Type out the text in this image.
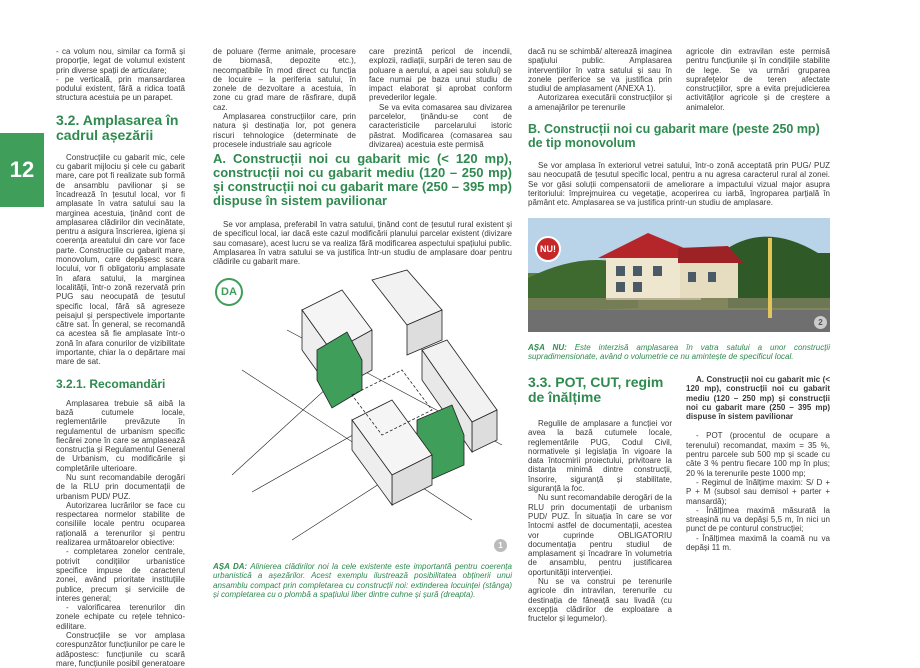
12

- ca volum nou, similar ca formă și proporție, legat de volumul existent prin diverse spații de articulare;

- pe verticală, prin mansardarea podului existent, fără a ridica toată structura acestuia pe un parapet.

3.2. Amplasarea în cadrul așezării

Construcțiile cu gabarit mic, cele cu gabarit mijlociu și cele cu gabarit mare, care pot fi realizate sub formă de ansamblu pavilionar și se încadrează în țesutul local, vor fi amplasate în vatra satului sau la marginea acestuia, ținând cont de amplasarea clădirilor din vecinătate, pentru a asigura înscrierea, igiena și coerența areatului din care vor face parte. Construcțiile cu gabarit mare, monovolum, care depășesc scara locului, vor fi obligatoriu amplasate în afara satului, la marginea localității, într-o zonă rezervată prin PUG sau neocupată de țesutul specific local, fără să agreseze peisajul și perspectivele importante către sat. În general, se recomandă ca acestea să fie amplasate într-o zonă în afara conurilor de vizibilitate importante, chiar la o depărtare mai mare de sat.

3.2.1. Recomandări

Amplasarea trebuie să aibă la bază cutumele locale, reglementările prevăzute în regulamentul de urbanism specific fiecărei zone în care se amplasează construcția și Regulamentul General de Urbanism, cu modificările și completările ulterioare.

Nu sunt recomandabile derogări de la RLU prin documentații de urbanism PUD/ PUZ.

Autorizarea lucrărilor se face cu respectarea normelor stabilite de consiliile locale pentru ocuparea rațională a terenurilor și pentru realizarea următoarelor obiective:

- completarea zonelor centrale, potrivit condițiilor urbanistice specifice impuse de caracterul zonei, având prioritate instituțiile publice, precum și serviciile de interes general;

- valorificarea terenurilor din zonele echipate cu rețele tehnico-edilitare.

Construcțiile se vor amplasa corespunzător funcțiunilor pe care le adăpostesc: funcțiunile cu scară mare, funcțiunile posibil generatoare

de poluare (ferme animale, procesare de biomasă, depozite etc.), necompatibile în mod direct cu funcția de locuire – la periferia satului, în zonele de dezvoltare a acestuia, în zone cu grad mare de răsfirare, după caz.

Amplasarea construcțiilor care, prin natura și destinația lor, pot genera riscuri tehnologice (determinate de procesele industriale sau agricole

care prezintă pericol de incendii, explozii, radiații, surpări de teren sau de poluare a aerului, a apei sau solului) se face numai pe baza unui studiu de impact elaborat și aprobat conform prevederilor legale.

Se va evita comasarea sau divizarea parcelelor, ținându-se cont de caracteristicile parcelarului istoric păstrat. Modificarea (comasarea sau divizarea) acestuia este permisă

A. Construcții noi cu gabarit mic (< 120 mp), construcții noi cu gabarit mediu (120 – 250 mp) și construcții noi cu gabarit mare (250 – 395 mp) dispuse în sistem pavilionar

Se vor amplasa, preferabil în vatra satului, ținând cont de țesutul rural existent și de specificul local, iar dacă este cazul modificării planului parcelar existent (divizare sau comasare), acest lucru se va realiza fără modificarea aspectului spațiului public. Amplasarea în vatra satului se va justifica într-un studiu de amplasare doar pentru clădirile cu gabarit mare.

DA
1
AȘA DA: Alinierea clădirilor noi la cele existente este importantă pentru coerența urbanistică a așezărilor. Acest exemplu ilustrează posibilitatea obținerii unui ansamblu compact prin completarea cu construcții noi: extinderea locuinței (stânga) și completarea cu o plombă a spațiului liber dintre cuhne și șură (dreapta).

dacă nu se schimbă/ alterează imaginea spațiului public. Amplasarea intervențiilor în vatra satului și sau în zonele periferice se va justifica prin studiul de amplasament (ANEXA 1).

Autorizarea executării construcțiilor și a amenajărilor pe terenurile

agricole din extravilan este permisă pentru funcțiunile și în condițiile stabilite de lege. Se va urmări gruparea suprafețelor de teren afectate construcțiilor, spre a evita prejudicierea activităților agricole și de creștere a animalelor.

B. Construcții noi cu gabarit mare (peste 250 mp) de tip monovolum

Se vor amplasa în exteriorul vetrei satului, într-o zonă acceptată prin PUG/ PUZ sau neocupată de țesutul specific local, pentru a nu agresa caracterul rural al zonei. Se vor găsi soluții compensatorii de ameliorare a impactului vizual major asupra teritoriului: împrejmuirea cu vegetație, acoperirea cu iarbă, îngroparea parțială în pământ etc. Amplasarea se va justifica printr-un studiu de amplasare.

NU!
2
AȘA NU: Este interzisă amplasarea în vatra satului a unor construcții supradimensionate, având o volumetrie ce nu amintește de specificul local.
3.3. POT, CUT, regim de înălțime

Regulile de amplasare a funcției vor avea la bază cutumele locale, reglementările PUG, Codul Civil, normativele și legislația în vigoare la data întocmirii proiectului, privitoare la distanța minimă dintre construcții, însorire, siguranță și stabilitate, siguranță la foc.

Nu sunt recomandabile derogări de la RLU prin documentații de urbanism PUD/ PUZ. În situația în care se vor întocmi astfel de documentații, acestea vor cuprinde OBLIGATORIU documentația pentru studiul de amplasament și încadrare în volumetria de ansamblu, pentru justificarea oportunității intervenției.

Nu se va construi pe terenurile agricole din intravilan, terenurile cu destinația de fâneață sau livadă (cu excepția clădirilor de exploatare a fructelor și legumelor).

A. Construcții noi cu gabarit mic (< 120 mp), construcții noi cu gabarit mediu (120 – 250 mp) și construcții noi cu gabarit mare (250 – 395 mp) dispuse în sistem pavilionar

- POT (procentul de ocupare a terenului) recomandat, maxim = 35 %, pentru parcele sub 500 mp și scade cu câte 3 % pentru fiecare 100 mp în plus; 20 % la terenurile peste 1000 mp;

- Regimul de înălțime maxim: S/ D + P + M (subsol sau demisol + parter + mansardă);

- Înălțimea maximă măsurată la streașină nu va depăși 5,5 m, în nici un punct de pe conturul construcției;

- Înălțimea maximă la coamă nu va depăși 11 m.
